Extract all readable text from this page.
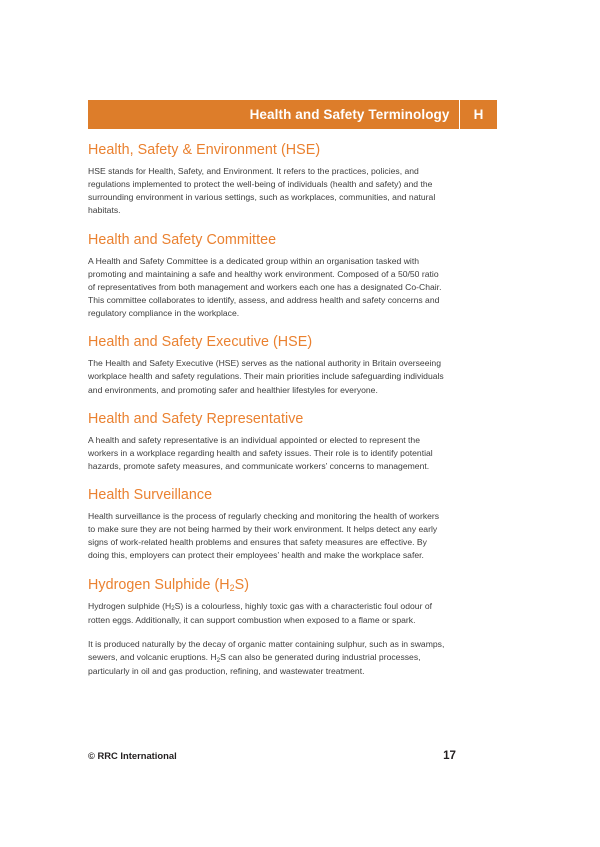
Health and Safety Terminology	H
Health, Safety & Environment (HSE)

HSE stands for Health, Safety, and Environment. It refers to the practices, policies, and regulations implemented to protect the well-being of individuals (health and safety) and the surrounding environment in various settings, such as workplaces, communities, and natural habitats.

Health and Safety Committee

A Health and Safety Committee is a dedicated group within an organisation tasked with promoting and maintaining a safe and healthy work environment. Composed of a 50/50 ratio of representatives from both management and workers each one has a designated Co-Chair. This committee collaborates to identify, assess, and address health and safety concerns and regulatory compliance in the workplace.

Health and Safety Executive (HSE)

The Health and Safety Executive (HSE) serves as the national authority in Britain overseeing workplace health and safety regulations. Their main priorities include safeguarding individuals and environments, and promoting safer and healthier lifestyles for everyone.

Health and Safety Representative

A health and safety representative is an individual appointed or elected to represent the workers in a workplace regarding health and safety issues. Their role is to identify potential hazards, promote safety measures, and communicate workers’ concerns to management.

Health Surveillance

Health surveillance is the process of regularly checking and monitoring the health of workers to make sure they are not being harmed by their work environment. It helps detect any early signs of work-related health problems and ensures that safety measures are effective. By doing this, employers can protect their employees’ health and make the workplace safer.

Hydrogen Sulphide $(H_2S)$

Hydrogen sulphide $(H_2S)$ is a colourless, highly toxic gas with a characteristic foul odour of rotten eggs. Additionally, it can support combustion when exposed to a flame or spark.

It is produced naturally by the decay of organic matter containing sulphur, such as in swamps, sewers, and volcanic eruptions. $H_2S$ can also be generated during industrial processes, particularly in oil and gas production, refining, and wastewater treatment.

© RRC International	17
